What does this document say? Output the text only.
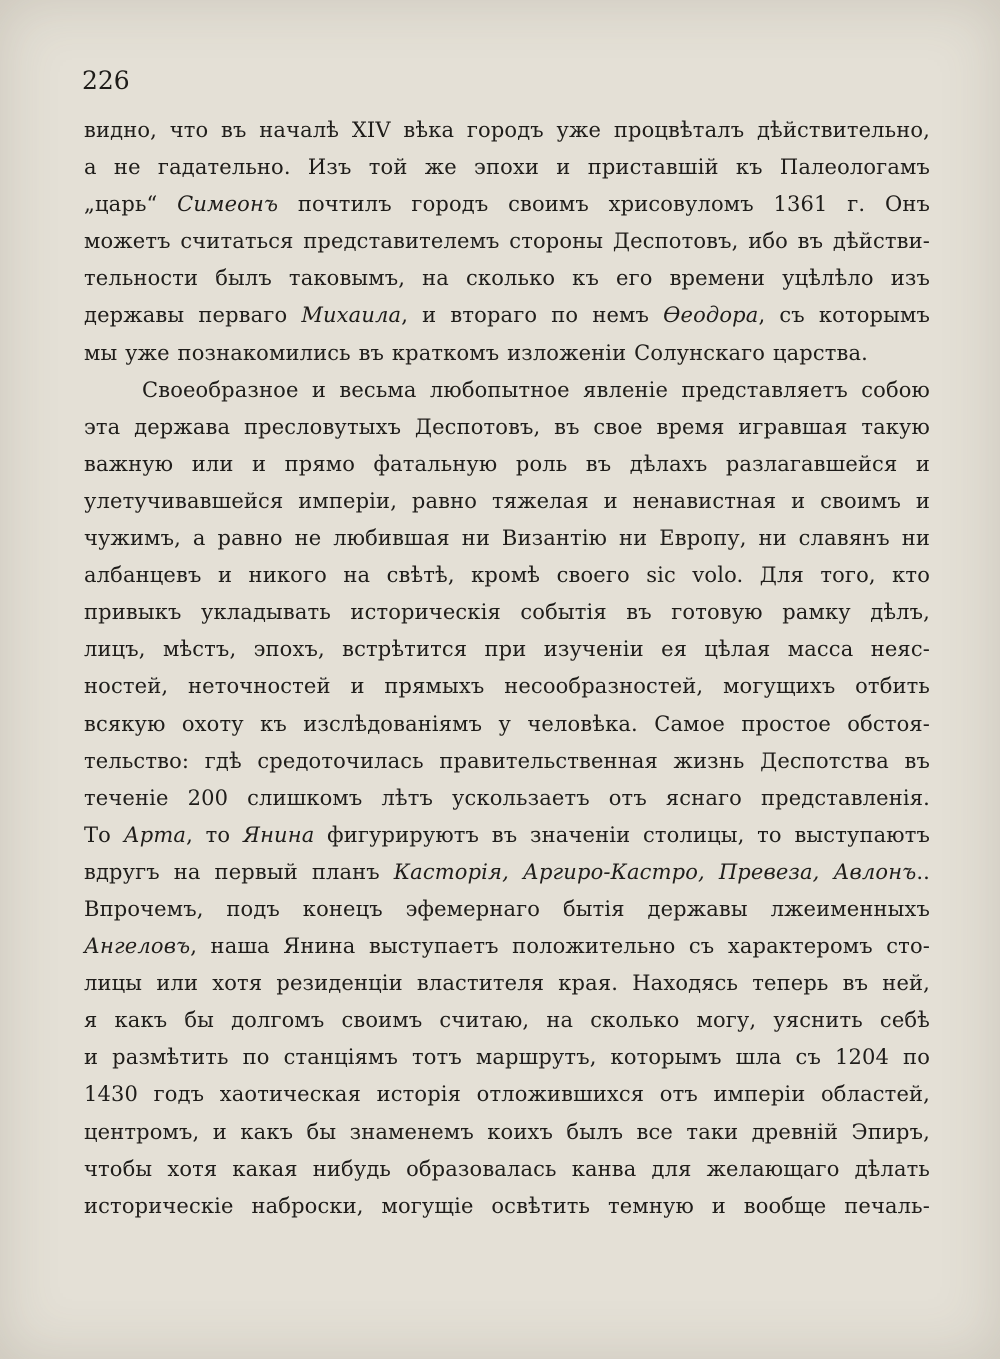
226
видно, что въ началѣ XIV вѣка городъ уже процвѣталъ дѣйствительно,
а не гадательно. Изъ той же эпохи и приставшій къ Палеологамъ
„царь“ Симеонъ почтилъ городъ своимъ хрисовуломъ 1361 г. Онъ
можетъ считаться представителемъ стороны Деспотовъ, ибо въ дѣйстви-
тельности былъ таковымъ, на сколько къ его времени уцѣлѣло изъ
державы перваго Михаила, и втораго по немъ Өеодора, съ которымъ
мы уже познакомились въ краткомъ изложеніи Солунскаго царства.
Своеобразное и весьма любопытное явленіе представляетъ собою
эта держава пресловутыхъ Деспотовъ, въ свое время игравшая такую
важную или и прямо фатальную роль въ дѣлахъ разлагавшейся и
улетучивавшейся имперіи, равно тяжелая и ненавистная и своимъ и
чужимъ, а равно не любившая ни Византію ни Европу, ни славянъ ни
албанцевъ и никого на свѣтѣ, кромѣ своего sic volo. Для того, кто
привыкъ укладывать историческія событія въ готовую рамку дѣлъ,
лицъ, мѣстъ, эпохъ, встрѣтится при изученіи ея цѣлая масса неяс-
ностей, неточностей и прямыхъ несообразностей, могущихъ отбить
всякую охоту къ изслѣдованіямъ у человѣка. Самое простое обстоя-
тельство: гдѣ средоточилась правительственная жизнь Деспотства въ
теченіе 200 слишкомъ лѣтъ ускользаетъ отъ яснаго представленія.
То Арта, то Янина фигурируютъ въ значеніи столицы, то выступаютъ
вдругъ на первый планъ Касторія, Аргиро-Кастро, Превеза, Авлонъ..
Впрочемъ, подъ конецъ эфемернаго бытія державы лжеименныхъ
Ангеловъ, наша Янина выступаетъ положительно съ характеромъ сто-
лицы или хотя резиденціи властителя края. Находясь теперь въ ней,
я какъ бы долгомъ своимъ считаю, на сколько могу, уяснить себѣ
и размѣтить по станціямъ тотъ маршрутъ, которымъ шла съ 1204 по
1430 годъ хаотическая исторія отложившихся отъ имперіи областей,
центромъ, и какъ бы знаменемъ коихъ былъ все таки древній Эпиръ,
чтобы хотя какая нибудь образовалась канва для желающаго дѣлать
историческіе наброски, могущіе освѣтить темную и вообще печаль-
